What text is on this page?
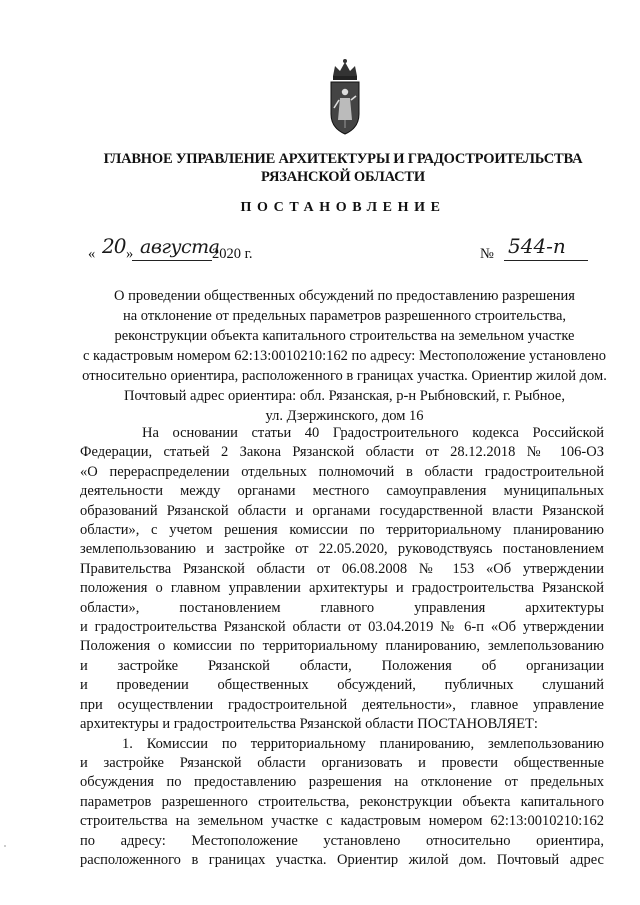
ГЛАВНОЕ УПРАВЛЕНИЕ АРХИТЕКТУРЫ И ГРАДОСТРОИТЕЛЬСТВА
РЯЗАНСКОЙ ОБЛАСТИ
ПОСТАНОВЛЕНИЕ
« 20 » августа
2020 г.	№ 544-п
О проведении общественных обсуждений по предоставлению разрешения
на отклонение от предельных параметров разрешенного строительства,
реконструкции объекта капитального строительства на земельном участке
с кадастровым номером 62:13:0010210:162 по адресу: Местоположение установлено
относительно ориентира, расположенного в границах участка. Ориентир жилой дом.
Почтовый адрес ориентира: обл. Рязанская, р-н Рыбновский, г. Рыбное,
ул. Дзержинского, дом 16
На основании статьи 40 Градостроительного кодекса Российской
Федерации, статьей 2 Закона Рязанской области от 28.12.2018 № 106-ОЗ
«О перераспределении отдельных полномочий в области градостроительной
деятельности между органами местного самоуправления муниципальных
образований Рязанской области и органами государственной власти Рязанской
области», с учетом решения комиссии по территориальному планированию
землепользованию и застройке от 22.05.2020, руководствуясь постановлением
Правительства Рязанской области от 06.08.2008 № 153 «Об утверждении
положения о главном управлении архитектуры и градостроительства Рязанской
области», постановлением главного управления архитектуры
и градостроительства Рязанской области от 03.04.2019 № 6-п «Об утверждении
Положения о комиссии по территориальному планированию, землепользованию
и застройке Рязанской области, Положения об организации
и проведении общественных обсуждений, публичных слушаний
при осуществлении градостроительной деятельности», главное управление
архитектуры и градостроительства Рязанской области ПОСТАНОВЛЯЕТ:
1. Комиссии по территориальному планированию, землепользованию
и застройке Рязанской области организовать и провести общественные
обсуждения по предоставлению разрешения на отклонение от предельных
параметров разрешенного строительства, реконструкции объекта капитального
строительства на земельном участке с кадастровым номером 62:13:0010210:162
по адресу: Местоположение установлено относительно ориентира,
расположенного в границах участка. Ориентир жилой дом. Почтовый адрес
